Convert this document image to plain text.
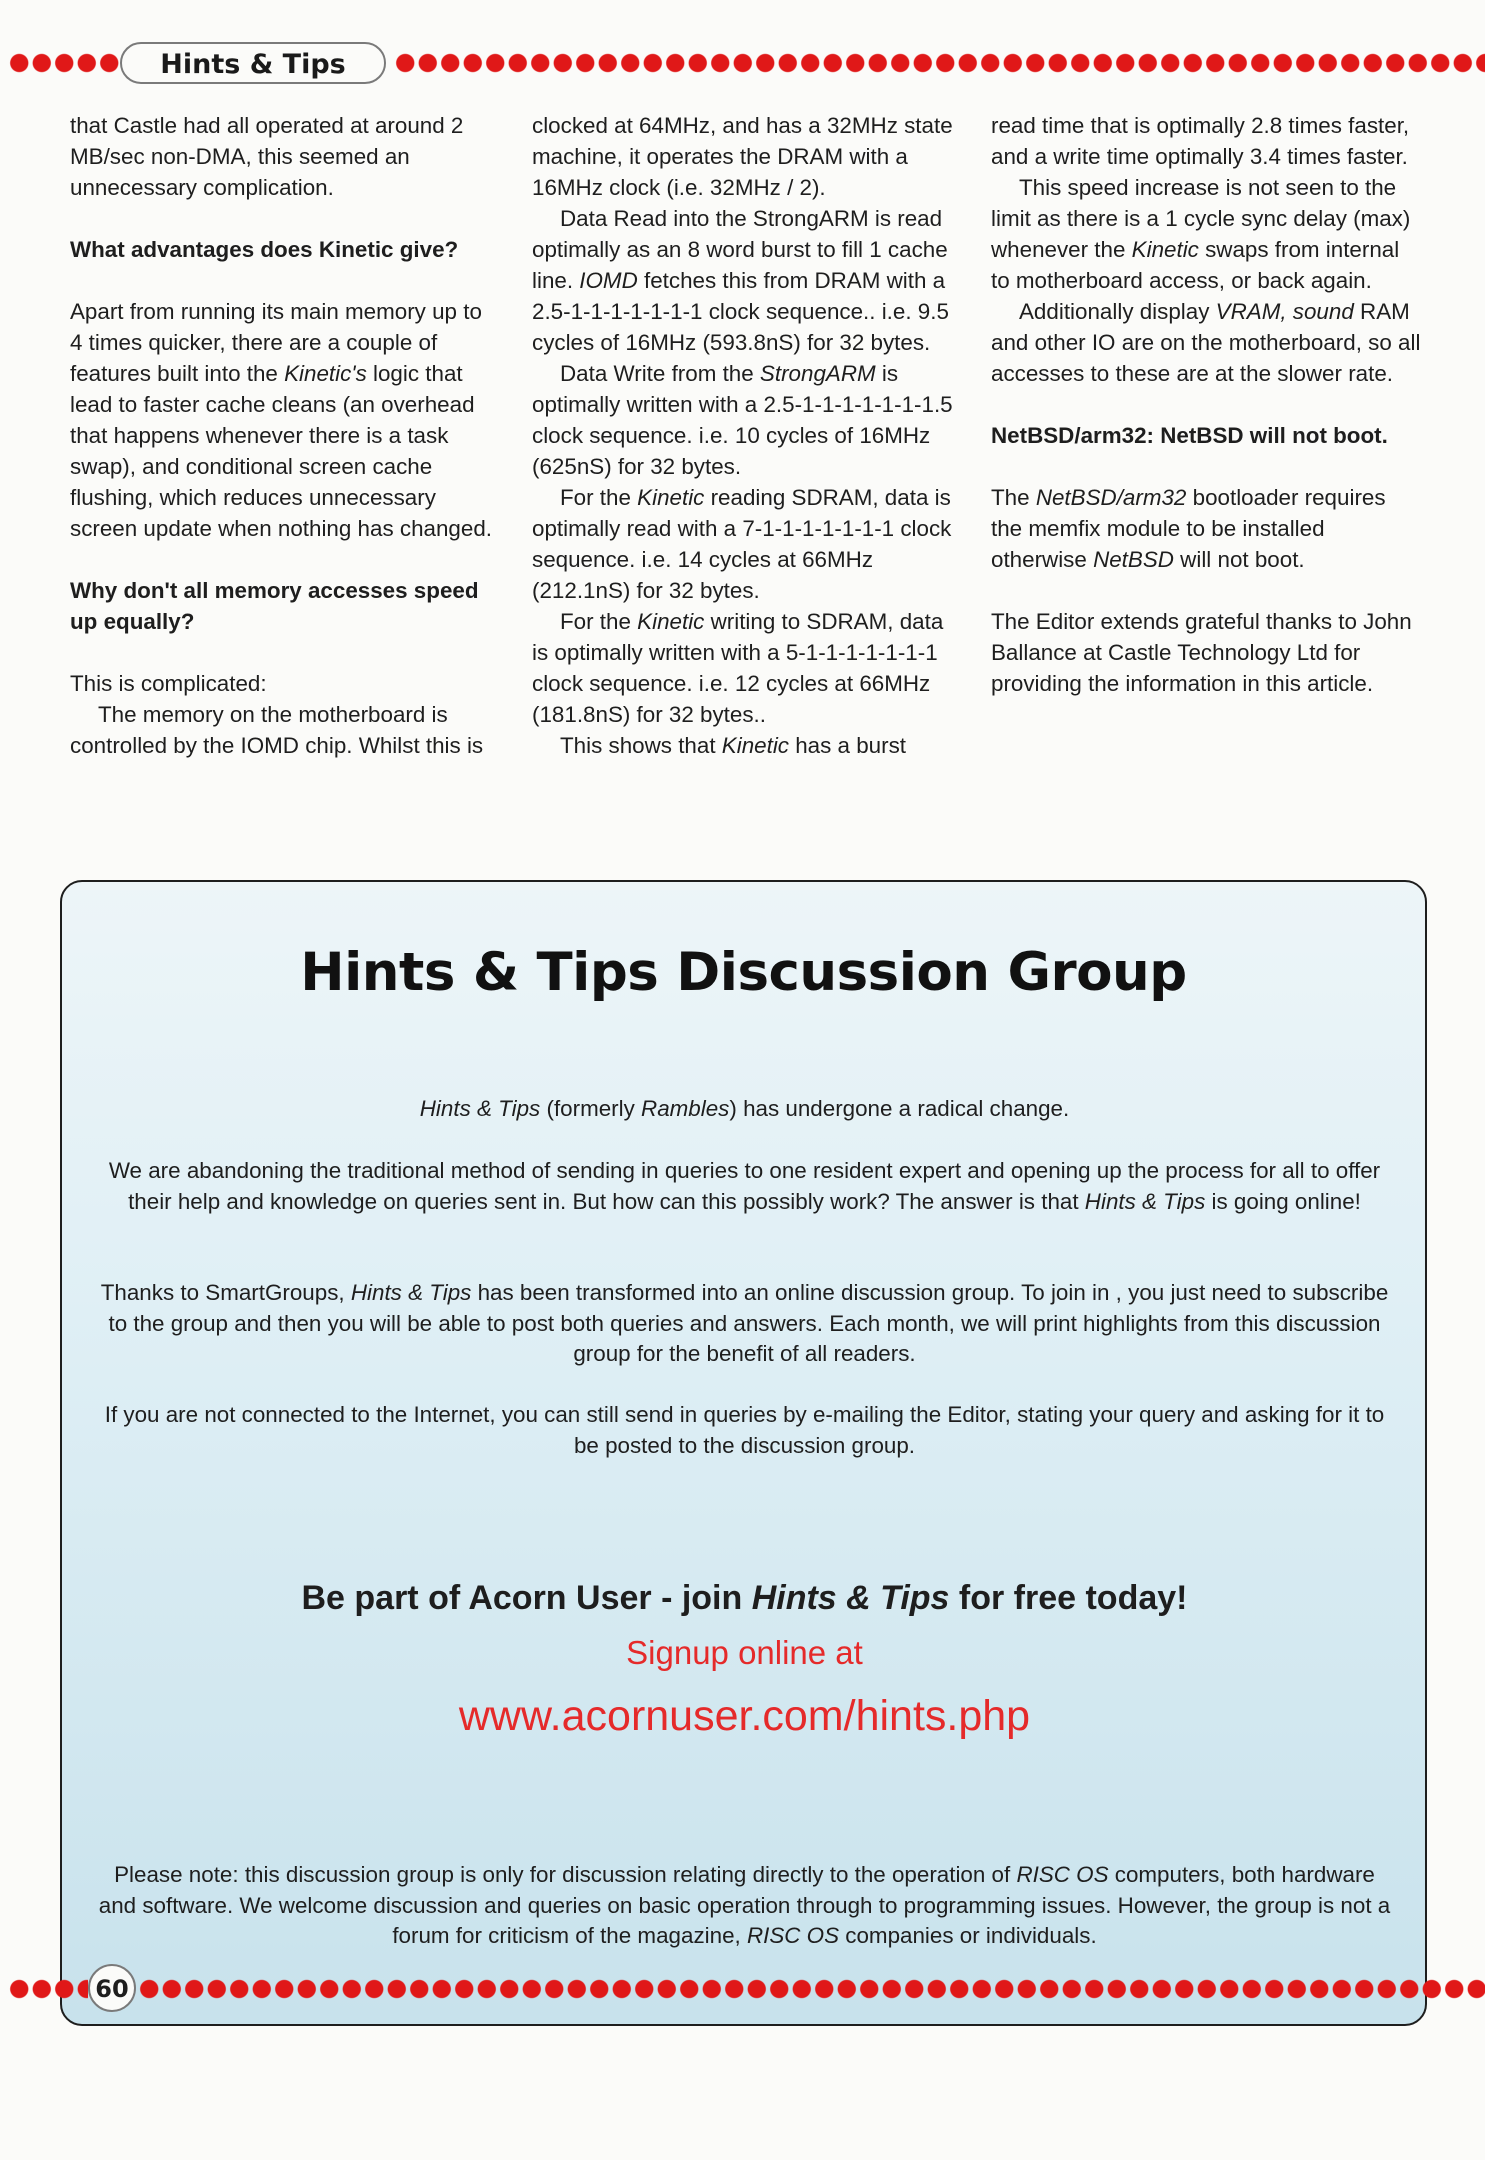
Hints & Tips

that Castle had all operated at around 2 MB/sec non-DMA, this seemed an unnecessary complication.

What advantages does Kinetic give?

Apart from running its main memory up to 4 times quicker, there are a couple of features built into the Kinetic's logic that lead to faster cache cleans (an overhead that happens whenever there is a task swap), and conditional screen cache flushing, which reduces unnecessary screen update when nothing has changed.

Why don't all memory accesses speed up equally?

This is complicated:

The memory on the motherboard is controlled by the IOMD chip. Whilst this is

clocked at 64MHz, and has a 32MHz state machine, it operates the DRAM with a 16MHz clock (i.e. 32MHz / 2).

Data Read into the StrongARM is read optimally as an 8 word burst to fill 1 cache line. IOMD fetches this from DRAM with a 2.5-1-1-1-1-1-1-1 clock sequence.. i.e. 9.5 cycles of 16MHz (593.8nS) for 32 bytes.

Data Write from the StrongARM is optimally written with a 2.5-1-1-1-1-1-1-1.5 clock sequence. i.e. 10 cycles of 16MHz (625nS) for 32 bytes.

For the Kinetic reading SDRAM, data is optimally read with a 7-1-1-1-1-1-1-1 clock sequence. i.e. 14 cycles at 66MHz (212.1nS) for 32 bytes.

For the Kinetic writing to SDRAM, data is optimally written with a 5-1-1-1-1-1-1-1 clock sequence. i.e. 12 cycles at 66MHz (181.8nS) for 32 bytes..

This shows that Kinetic has a burst

read time that is optimally 2.8 times faster, and a write time optimally 3.4 times faster.

This speed increase is not seen to the limit as there is a 1 cycle sync delay (max) whenever the Kinetic swaps from internal to motherboard access, or back again.

Additionally display VRAM, sound RAM and other IO are on the motherboard, so all accesses to these are at the slower rate.

NetBSD/arm32: NetBSD will not boot.

The NetBSD/arm32 bootloader requires the memfix module to be installed otherwise NetBSD will not boot.

The Editor extends grateful thanks to John Ballance at Castle Technology Ltd for providing the information in this article.

Hints & Tips Discussion Group

Hints & Tips (formerly Rambles) has undergone a radical change.

We are abandoning the traditional method of sending in queries to one resident expert and opening up the process for all to offer their help and knowledge on queries sent in. But how can this possibly work? The answer is that Hints & Tips is going online!

Thanks to SmartGroups, Hints & Tips has been transformed into an online discussion group. To join in , you just need to subscribe to the group and then you will be able to post both queries and answers. Each month, we will print highlights from this discussion group for the benefit of all readers.

If you are not connected to the Internet, you can still send in queries by e-mailing the Editor, stating your query and asking for it to be posted to the discussion group.

Be part of Acorn User - join Hints & Tips for free today!

Signup online at

www.acornuser.com/hints.php

Please note: this discussion group is only for discussion relating directly to the operation of RISC OS computers, both hardware and software. We welcome discussion and queries on basic operation through to programming issues. However, the group is not a forum for criticism of the magazine, RISC OS companies or individuals.

60
